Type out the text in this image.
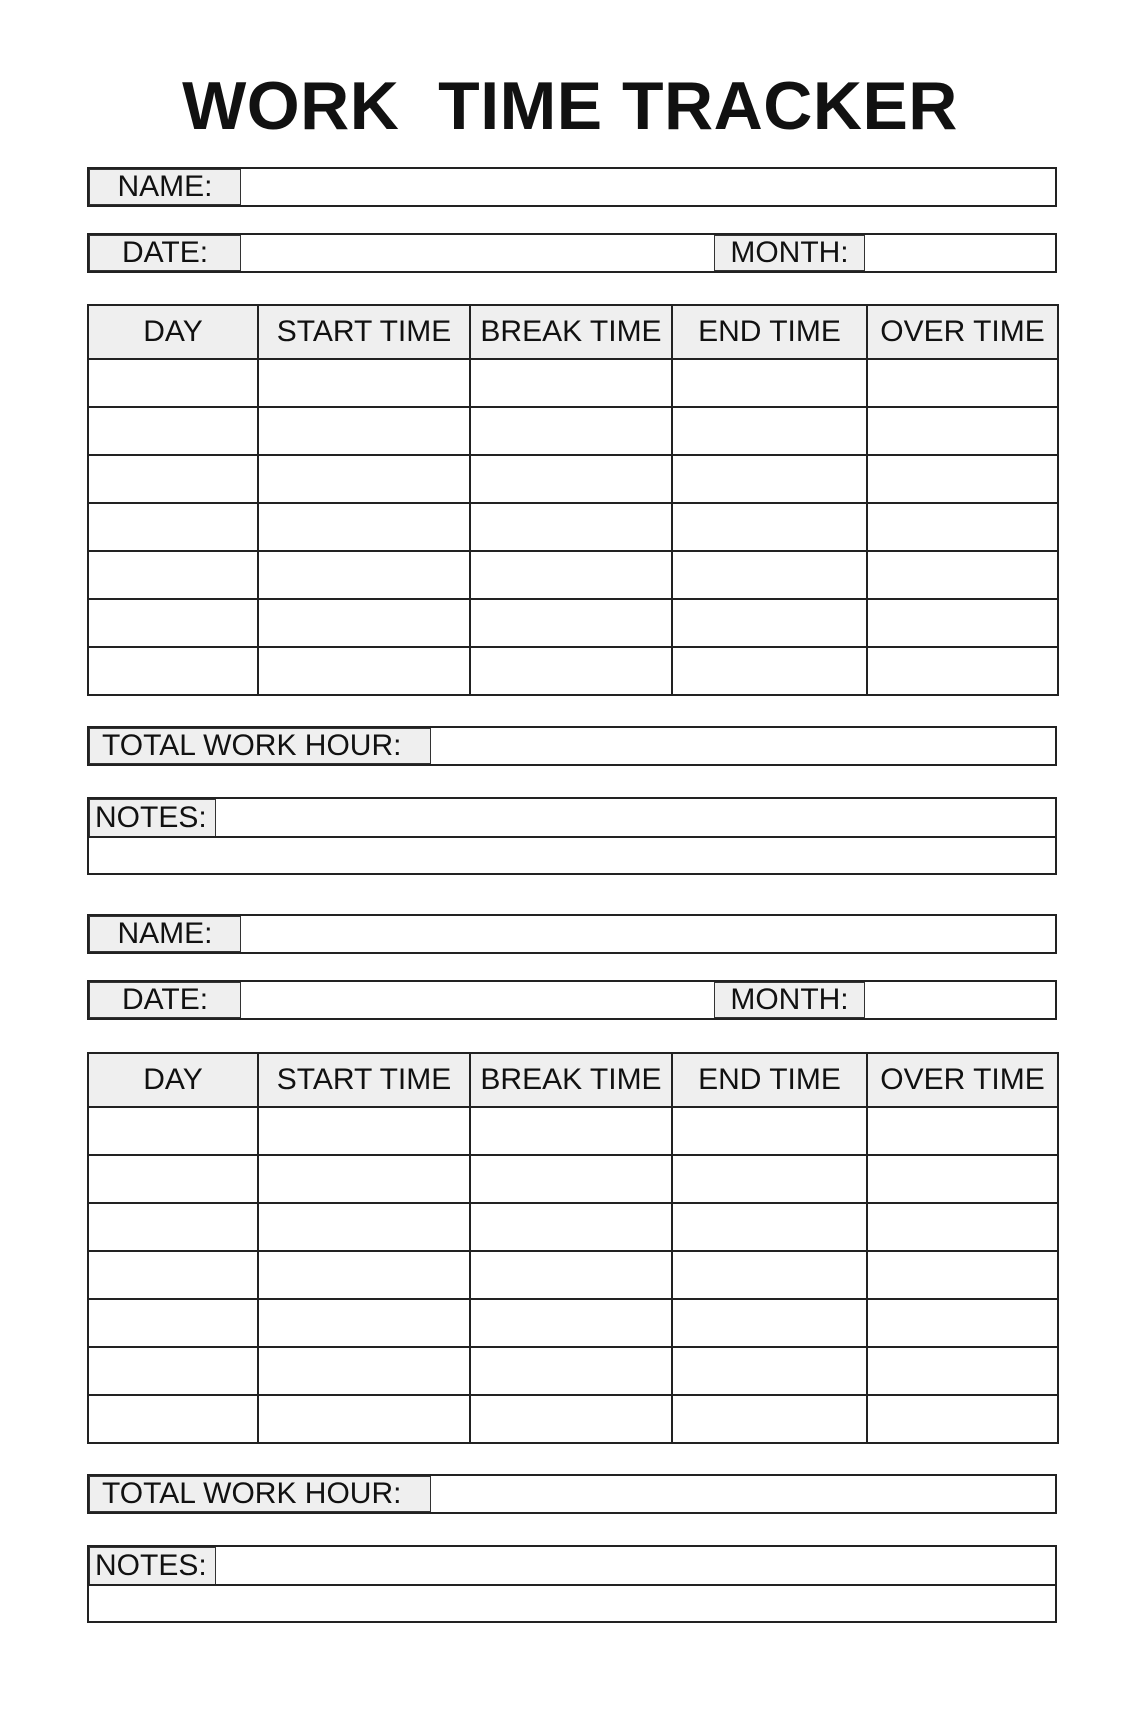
WORK  TIME TRACKER
NAME:
DATE:	MONTH:
DAY	START TIME	BREAK TIME	END TIME	OVER TIME

TOTAL WORK HOUR:
NOTES:
NAME:
DATE:	MONTH:
DAY	START TIME	BREAK TIME	END TIME	OVER TIME

TOTAL WORK HOUR:
NOTES:
